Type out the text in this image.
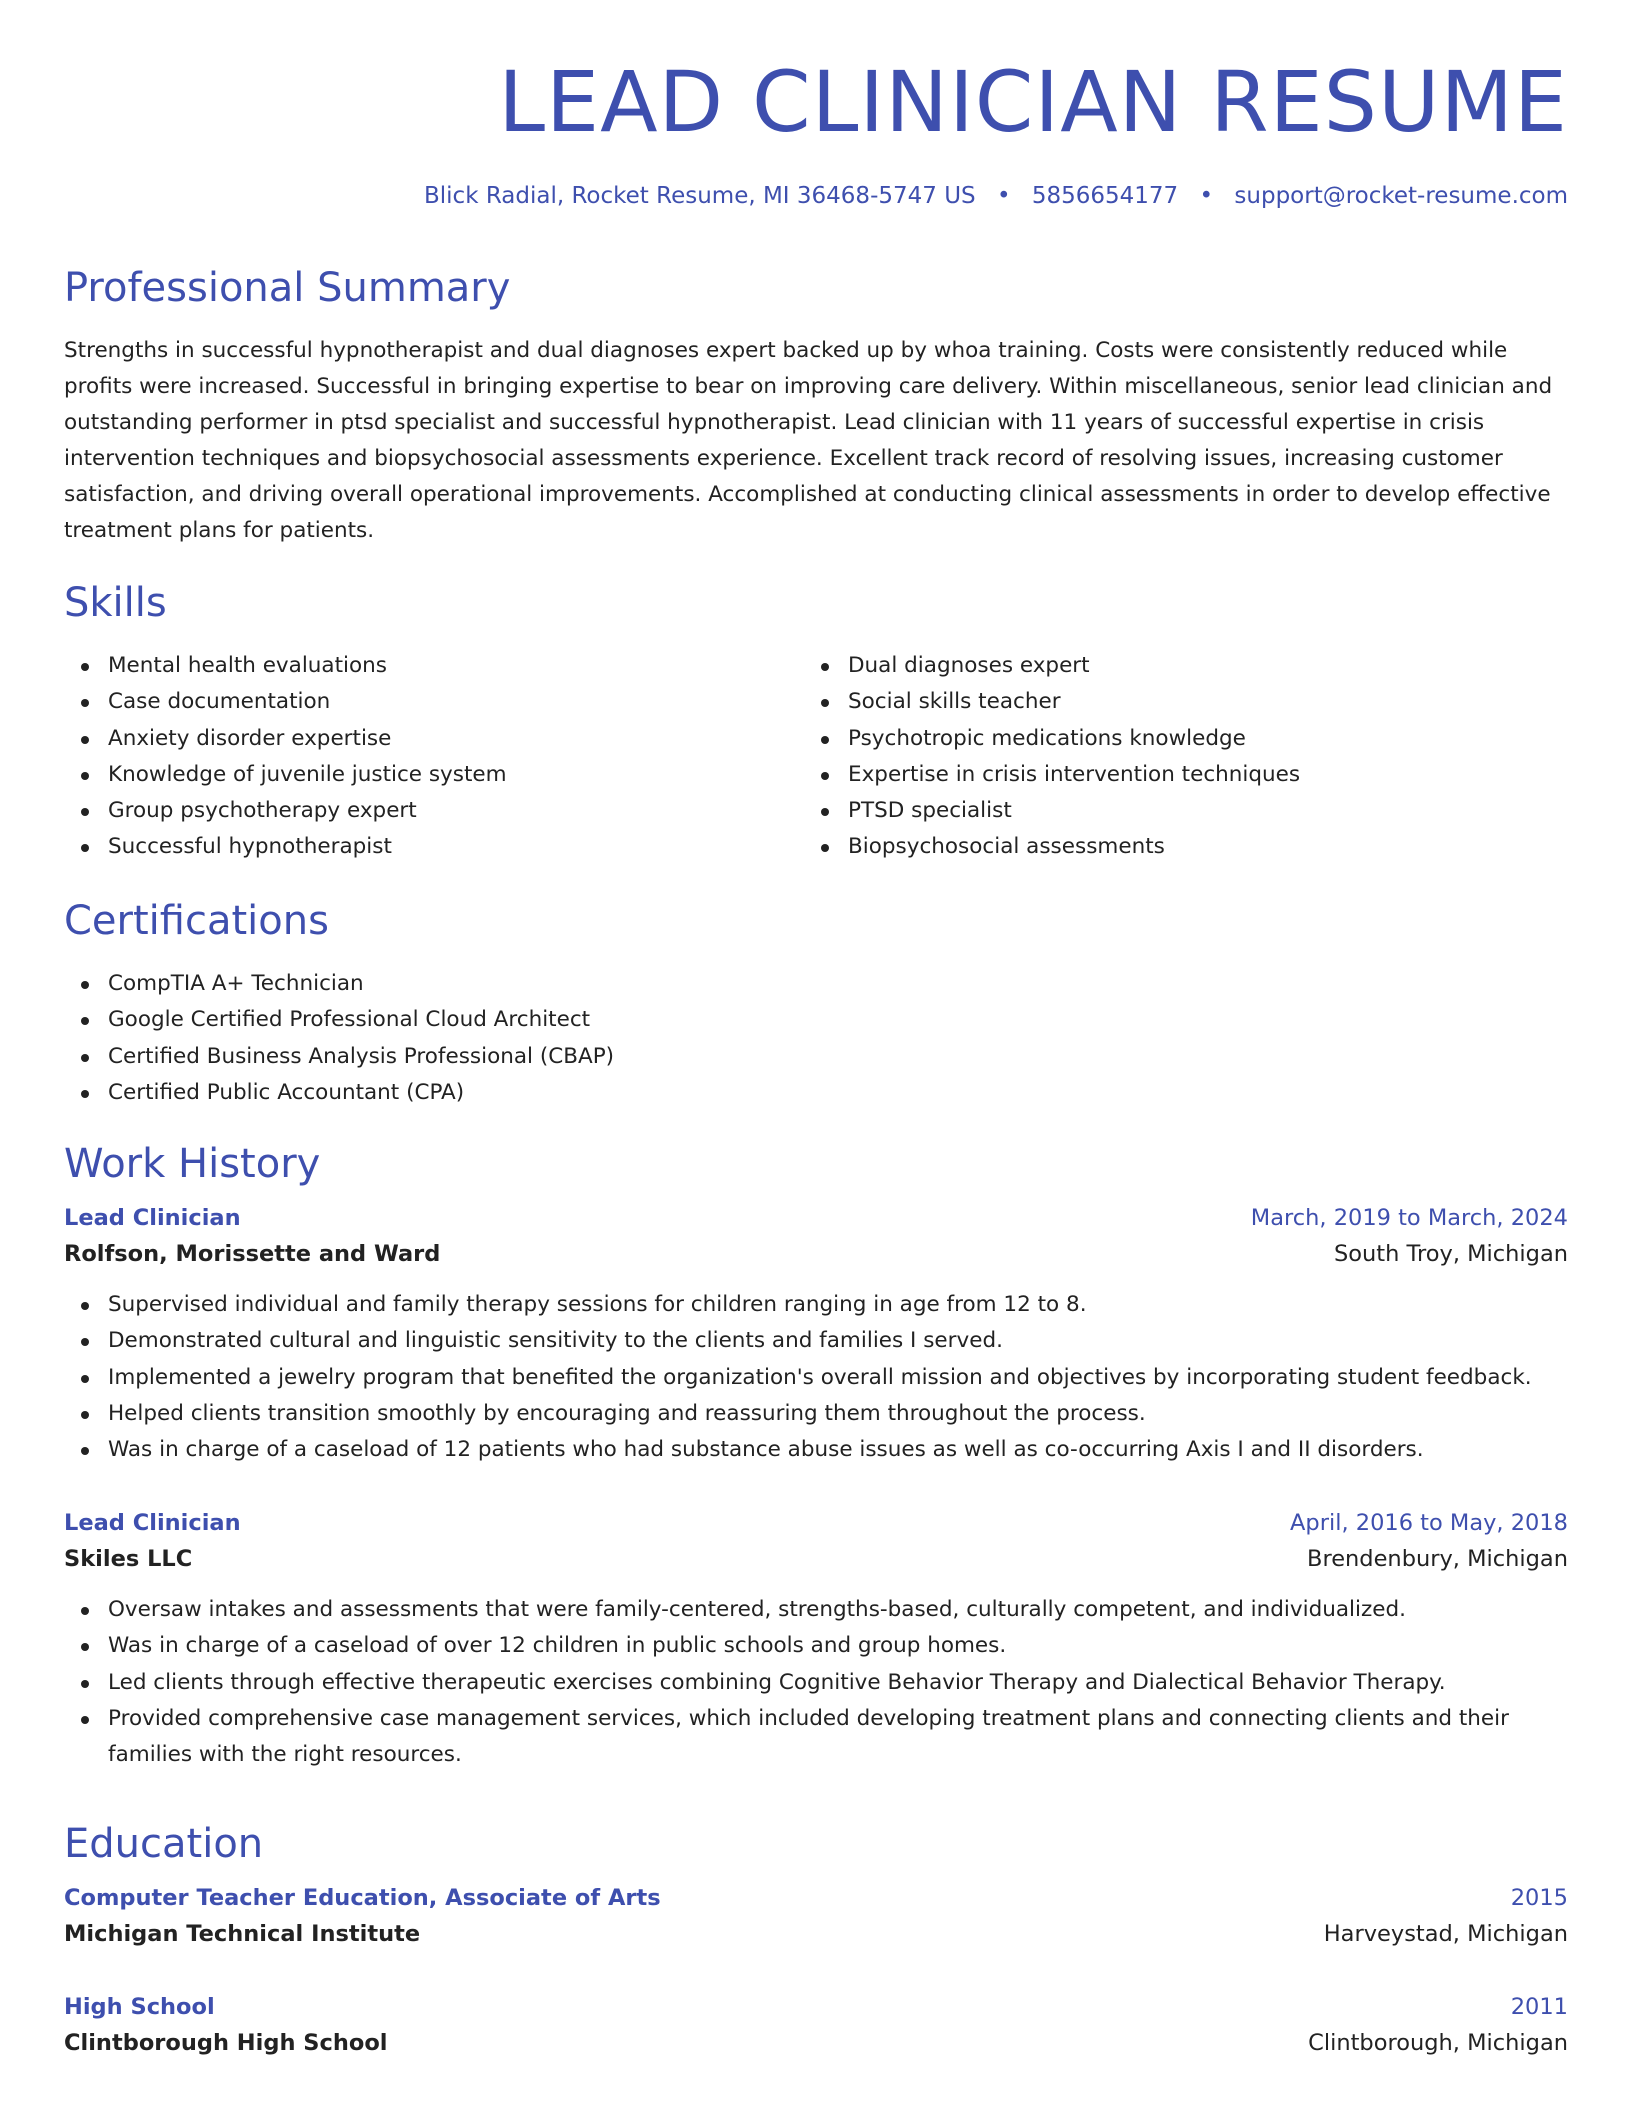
LEAD CLINICIAN RESUME
Blick Radial, Rocket Resume, MI 36468-5747 US • 5856654177 • support@rocket-resume.com
Professional Summary

Strengths in successful hypnotherapist and dual diagnoses expert backed up by whoa training. Costs were consistently reduced while profits were increased. Successful in bringing expertise to bear on improving care delivery. Within miscellaneous, senior lead clinician and outstanding performer in ptsd specialist and successful hypnotherapist. Lead clinician with 11 years of successful expertise in crisis intervention techniques and biopsychosocial assessments experience. Excellent track record of resolving issues, increasing customer satisfaction, and driving overall operational improvements. Accomplished at conducting clinical assessments in order to develop effective treatment plans for patients.

Skills
Mental health evaluations
Case documentation
Anxiety disorder expertise
Knowledge of juvenile justice system
Group psychotherapy expert
Successful hypnotherapist
Dual diagnoses expert
Social skills teacher
Psychotropic medications knowledge
Expertise in crisis intervention techniques
PTSD specialist
Biopsychosocial assessments
Certifications
CompTIA A+ Technician
Google Certified Professional Cloud Architect
Certified Business Analysis Professional (CBAP)
Certified Public Accountant (CPA)
Work History
Lead Clinician	March, 2019 to March, 2024
Rolfson, Morissette and Ward	South Troy, Michigan
Supervised individual and family therapy sessions for children ranging in age from 12 to 8.
Demonstrated cultural and linguistic sensitivity to the clients and families I served.
Implemented a jewelry program that benefited the organization's overall mission and objectives by incorporating student feedback.
Helped clients transition smoothly by encouraging and reassuring them throughout the process.
Was in charge of a caseload of 12 patients who had substance abuse issues as well as co-occurring Axis I and II disorders.
Lead Clinician	April, 2016 to May, 2018
Skiles LLC	Brendenbury, Michigan
Oversaw intakes and assessments that were family-centered, strengths-based, culturally competent, and individualized.
Was in charge of a caseload of over 12 children in public schools and group homes.
Led clients through effective therapeutic exercises combining Cognitive Behavior Therapy and Dialectical Behavior Therapy.
Provided comprehensive case management services, which included developing treatment plans and connecting clients and their families with the right resources.
Education
Computer Teacher Education, Associate of Arts	2015
Michigan Technical Institute	Harveystad, Michigan
High School	2011
Clintborough High School	Clintborough, Michigan
